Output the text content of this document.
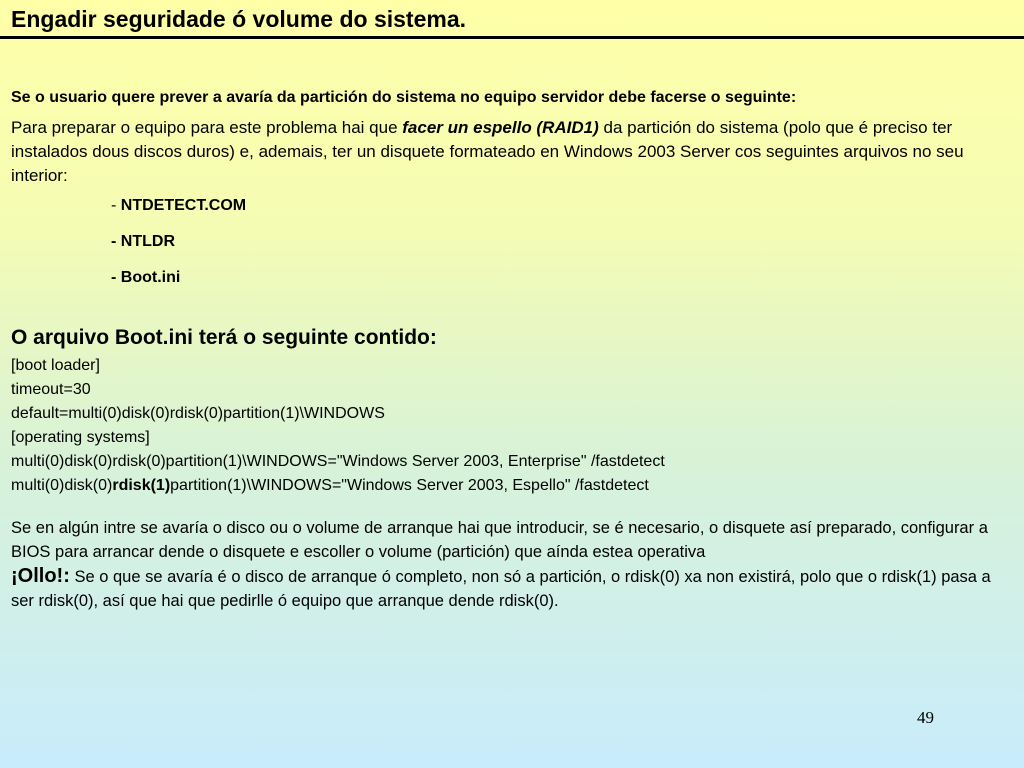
Engadir seguridade ó volume do sistema.

Se o usuario quere prever a avaría da partición do sistema no equipo servidor debe facerse o seguinte:

Para preparar o equipo para este problema hai que facer un espello (RAID1) da partición do sistema (polo que é preciso ter instalados dous discos duros) e, ademais, ter un disquete formateado en Windows 2003 Server cos seguintes arquivos no seu interior:

- NTDETECT.COM
- NTLDR
- Boot.ini

O arquivo Boot.ini terá o seguinte contido:

[boot loader]
timeout=30
default=multi(0)disk(0)rdisk(0)partition(1)\WINDOWS
[operating systems]
multi(0)disk(0)rdisk(0)partition(1)\WINDOWS="Windows Server 2003, Enterprise" /fastdetect
multi(0)disk(0)rdisk(1)partition(1)\WINDOWS="Windows Server 2003, Espello" /fastdetect

Se en algún intre se avaría o disco ou o volume de arranque hai que introducir, se é necesario, o disquete así preparado, configurar a BIOS para arrancar dende o disquete e escoller o volume (partición) que aínda estea operativa

¡Ollo!: Se o que se avaría é o disco de arranque ó completo, non só a partición, o rdisk(0) xa non existirá, polo que o rdisk(1) pasa a ser rdisk(0), así que hai que pedirlle ó equipo que arranque dende rdisk(0).

49
